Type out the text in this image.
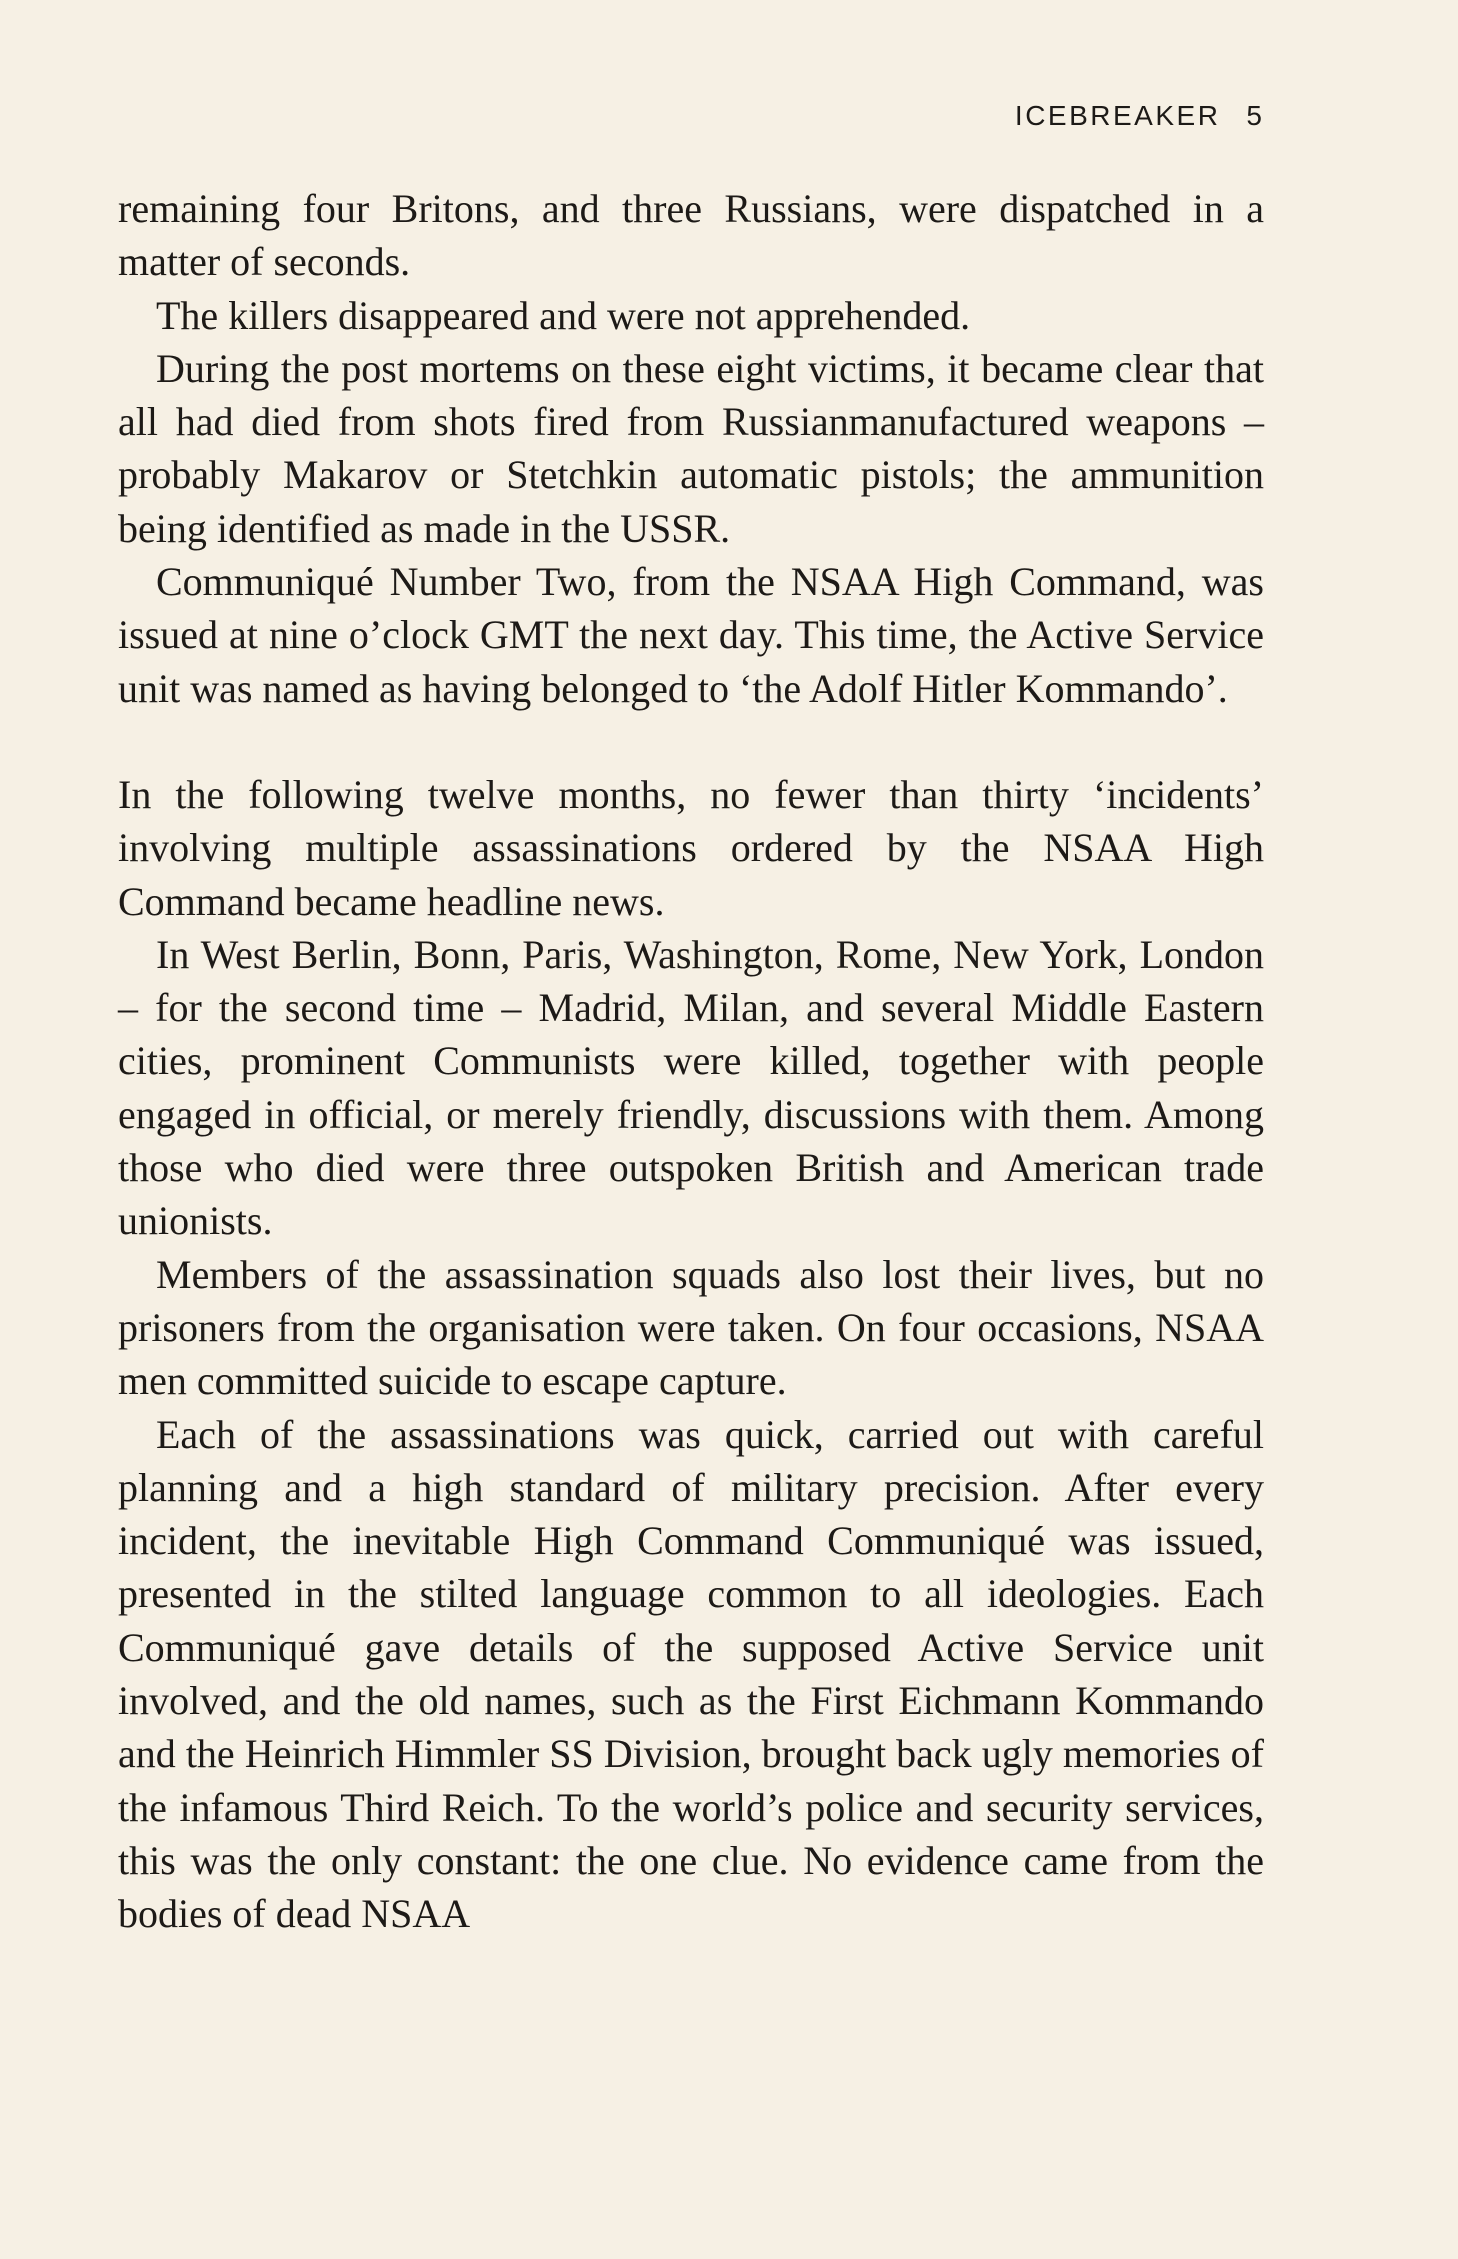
ICEBREAKER 5

remaining four Britons, and three Russians, were dispatched in a matter of seconds.

The killers disappeared and were not apprehended.

During the post mortems on these eight victims, it became clear that all had died from shots fired from Russianmanufactured weapons – probably Makarov or Stetchkin automatic pistols; the ammunition being identified as made in the USSR.

Communiqué Number Two, from the NSAA High Command, was issued at nine o’clock GMT the next day. This time, the Active Service unit was named as having belonged to ‘the Adolf Hitler Kommando’.

In the following twelve months, no fewer than thirty ‘incidents’ involving multiple assassinations ordered by the NSAA High Command became headline news.

In West Berlin, Bonn, Paris, Washington, Rome, New York, London – for the second time – Madrid, Milan, and several Middle Eastern cities, prominent Communists were killed, together with people engaged in official, or merely friendly, discussions with them. Among those who died were three outspoken British and American trade unionists.

Members of the assassination squads also lost their lives, but no prisoners from the organisation were taken. On four occasions, NSAA men committed suicide to escape capture.

Each of the assassinations was quick, carried out with careful planning and a high standard of military precision. After every incident, the inevitable High Command Communiqué was issued, presented in the stilted language common to all ideologies. Each Communiqué gave details of the supposed Active Service unit involved, and the old names, such as the First Eichmann Kommando and the Heinrich Himmler SS Division, brought back ugly memories of the infamous Third Reich. To the world’s police and security services, this was the only constant: the one clue. No evidence came from the bodies of dead NSAA
